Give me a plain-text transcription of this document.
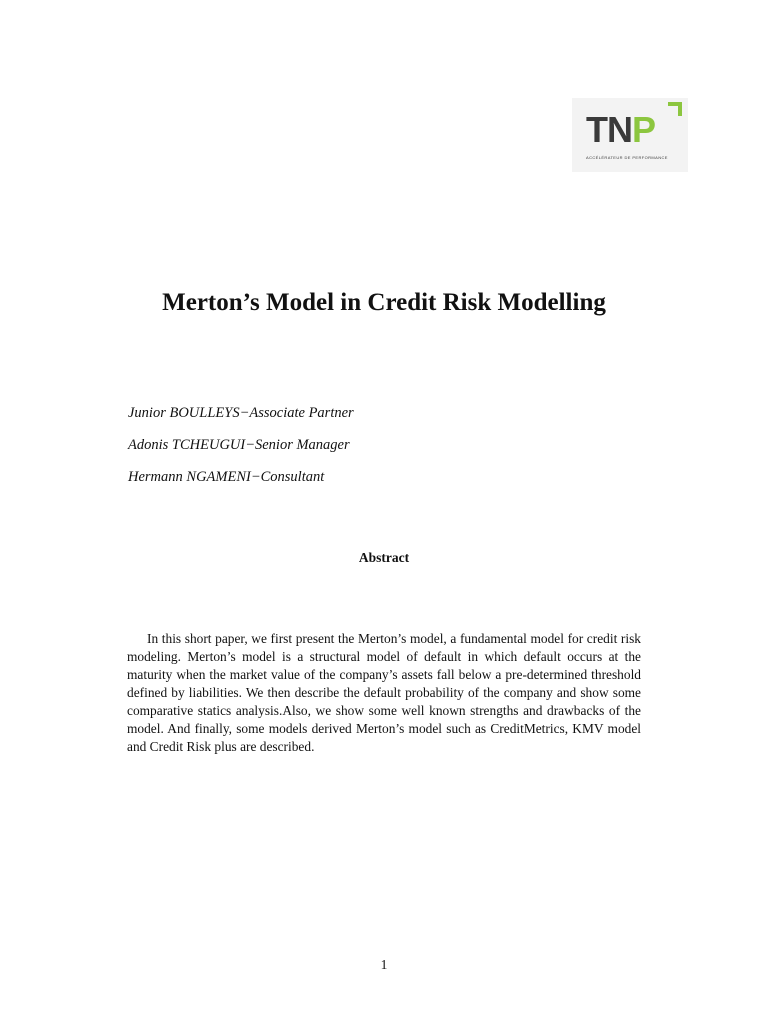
TNP
ACCÉLÉRATEUR DE PERFORMANCE
Merton’s Model in Credit Risk Modelling
Junior BOULLEYS−Associate Partner
Adonis TCHEUGUI−Senior Manager
Hermann NGAMENI−Consultant
Abstract

In this short paper, we first present the Merton’s model, a fundamental model for credit risk modeling. Merton’s model is a structural model of default in which default occurs at the maturity when the market value of the company’s assets fall below a pre-determined threshold defined by liabilities. We then describe the default probability of the company and show some comparative statics analysis.Also, we show some well known strengths and drawbacks of the model. And finally, some models derived Merton’s model such as CreditMetrics, KMV model and Credit Risk plus are described.

1
